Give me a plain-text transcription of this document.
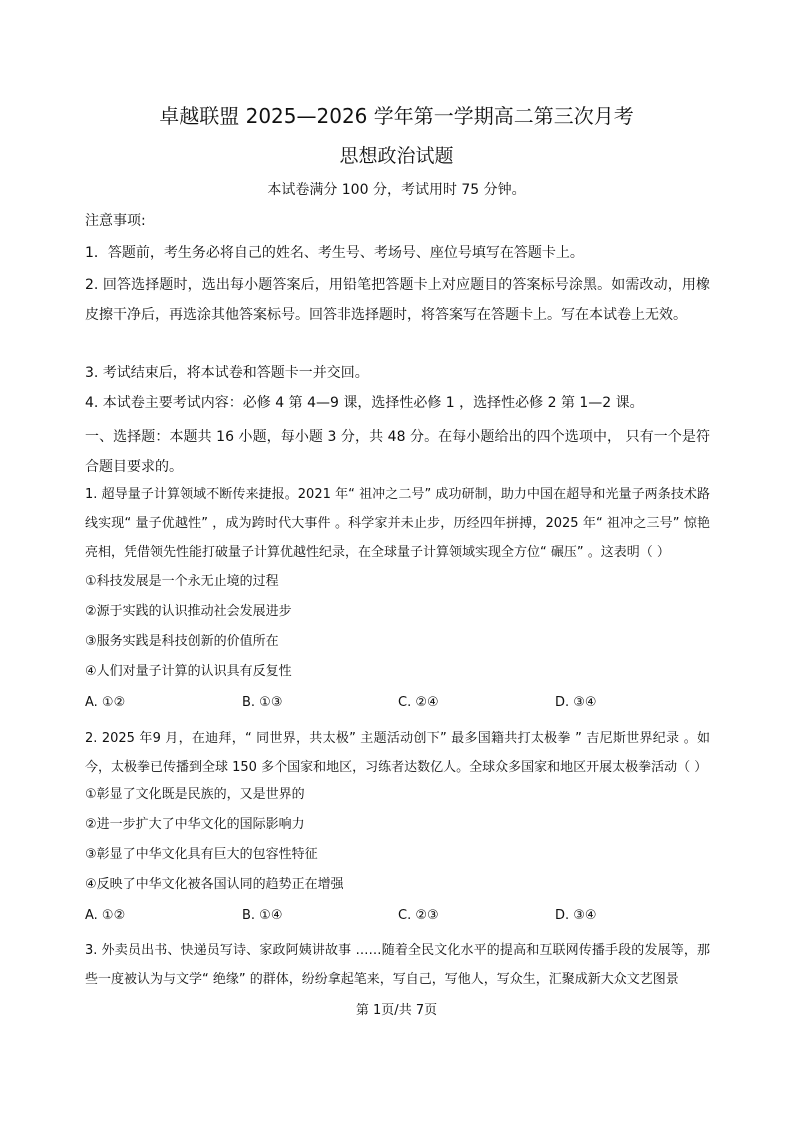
卓越联盟 2025—2026 学年第一学期高二第三次月考
思想政治试题
本试卷满分 100 分，考试用时 75 分钟。
注意事项:
1．答题前，考生务必将自己的姓名、考生号、考场号、座位号填写在答题卡上。
2. 回答选择题时，选出每小题答案后，用铅笔把答题卡上对应题目的答案标号涂黑。如需改动，用橡皮擦干净后，再选涂其他答案标号。回答非选择题时，将答案写在答题卡上。写在本试卷上无效。
3. 考试结束后，将本试卷和答题卡一并交回。
4. 本试卷主要考试内容：必修 4 第 4—9 课，选择性必修 1 ，选择性必修 2 第 1—2 课。
一、选择题：本题共 16 小题，每小题 3 分，共 48 分。在每小题给出的四个选项中， 只有一个是符合题目要求的。
1. 超导量子计算领域不断传来捷报。2021 年“ 祖冲之二号” 成功研制，助力中国在超导和光量子两条技术路线实现“ 量子优越性” ，成为跨时代大事件 。科学家并未止步，历经四年拼搏，2025 年“ 祖冲之三号” 惊艳亮相，凭借领先性能打破量子计算优越性纪录，在全球量子计算领域实现全方位“ 碾压” 。这表明（ ）
①科技发展是一个永无止境的过程
②源于实践的认识推动社会发展进步
③服务实践是科技创新的价值所在
④人们对量子计算的认识具有反复性
A. ①②	B. ①③	C. ②④	D. ③④
2. 2025 年9 月，在迪拜，“ 同世界，共太极” 主题活动创下” 最多国籍共打太极拳 ” 吉尼斯世界纪录 。如今，太极拳已传播到全球 150 多个国家和地区，习练者达数亿人。全球众多国家和地区开展太极拳活动（ ）
①彰显了文化既是民族的，又是世界的
②进一步扩大了中华文化的国际影响力
③彰显了中华文化具有巨大的包容性特征
④反映了中华文化被各国认同的趋势正在增强
A. ①②	B. ①④	C. ②③	D. ③④
3. 外卖员出书、快递员写诗、家政阿姨讲故事 ……随着全民文化水平的提高和互联网传播手段的发展等，那些一度被认为与文学“ 绝缘” 的群体，纷纷拿起笔来，写自己，写他人，写众生，汇聚成新大众文艺图景
第 1页/共 7页
